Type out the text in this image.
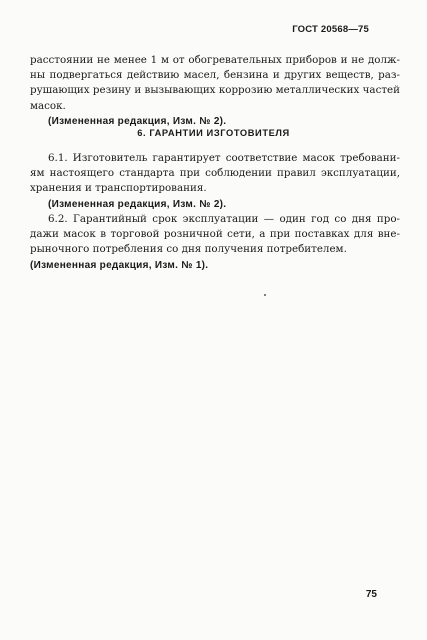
ГОСТ 20568—75
расстоянии не менее 1 м от обогревательных приборов и не долж-
ны подвергаться действию масел, бензина и других веществ, раз-
рушающих резину и вызывающих коррозию металлических частей
масок.
(Измененная редакция, Изм. № 2).
6. ГАРАНТИИ ИЗГОТОВИТЕЛЯ
6.1. Изготовитель гарантирует соответствие масок требовани-
ям настоящего стандарта при соблюдении правил эксплуатации,
хранения и транспортирования.
(Измененная редакция, Изм. № 2).
6.2. Гарантийный срок эксплуатации — один год со дня про-
дажи масок в торговой розничной сети, а при поставках для вне-
рыночного потребления со дня получения потребителем.
(Измененная редакция, Изм. № 1).
75
